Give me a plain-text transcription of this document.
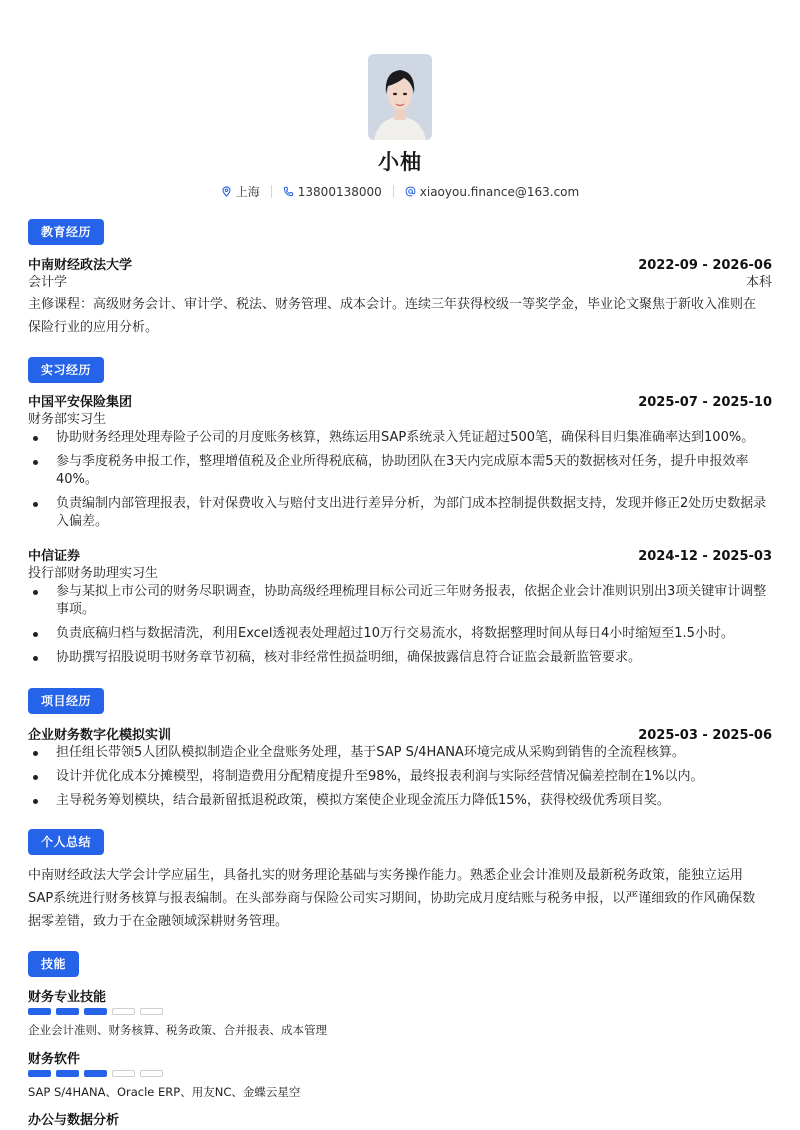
小柚
上海	13800138000	xiaoyou.finance@163.com
教育经历
中南财经政法大学	2022-09 - 2026-06
会计学	本科
主修课程：高级财务会计、审计学、税法、财务管理、成本会计。连续三年获得校级一等奖学金，毕业论文聚焦于新收入准则在
保险行业的应用分析。
实习经历
中国平安保险集团	2025-07 - 2025-10
财务部实习生
协助财务经理处理寿险子公司的月度账务核算，熟练运用SAP系统录入凭证超过500笔，确保科目归集准确率达到100%。
参与季度税务申报工作，整理增值税及企业所得税底稿，协助团队在3天内完成原本需5天的数据核对任务，提升申报效率40%。
负责编制内部管理报表，针对保费收入与赔付支出进行差异分析，为部门成本控制提供数据支持，发现并修正2处历史数据录入偏差。
中信证券	2024-12 - 2025-03
投行部财务助理实习生
参与某拟上市公司的财务尽职调查，协助高级经理梳理目标公司近三年财务报表，依据企业会计准则识别出3项关键审计调整事项。
负责底稿归档与数据清洗，利用Excel透视表处理超过10万行交易流水，将数据整理时间从每日4小时缩短至1.5小时。
协助撰写招股说明书财务章节初稿，核对非经常性损益明细，确保披露信息符合证监会最新监管要求。
项目经历
企业财务数字化模拟实训	2025-03 - 2025-06
担任组长带领5人团队模拟制造企业全盘账务处理，基于SAP S/4HANA环境完成从采购到销售的全流程核算。
设计并优化成本分摊模型，将制造费用分配精度提升至98%，最终报表利润与实际经营情况偏差控制在1%以内。
主导税务筹划模块，结合最新留抵退税政策，模拟方案使企业现金流压力降低15%，获得校级优秀项目奖。
个人总结
中南财经政法大学会计学应届生，具备扎实的财务理论基础与实务操作能力。熟悉企业会计准则及最新税务政策，能独立运用
SAP系统进行财务核算与报表编制。在头部券商与保险公司实习期间，协助完成月度结账与税务申报，以严谨细致的作风确保数
据零差错，致力于在金融领域深耕财务管理。
技能
财务专业技能
企业会计准则、财务核算、税务政策、合并报表、成本管理
财务软件
SAP S/4HANA、Oracle ERP、用友NC、金蝶云星空
办公与数据分析
